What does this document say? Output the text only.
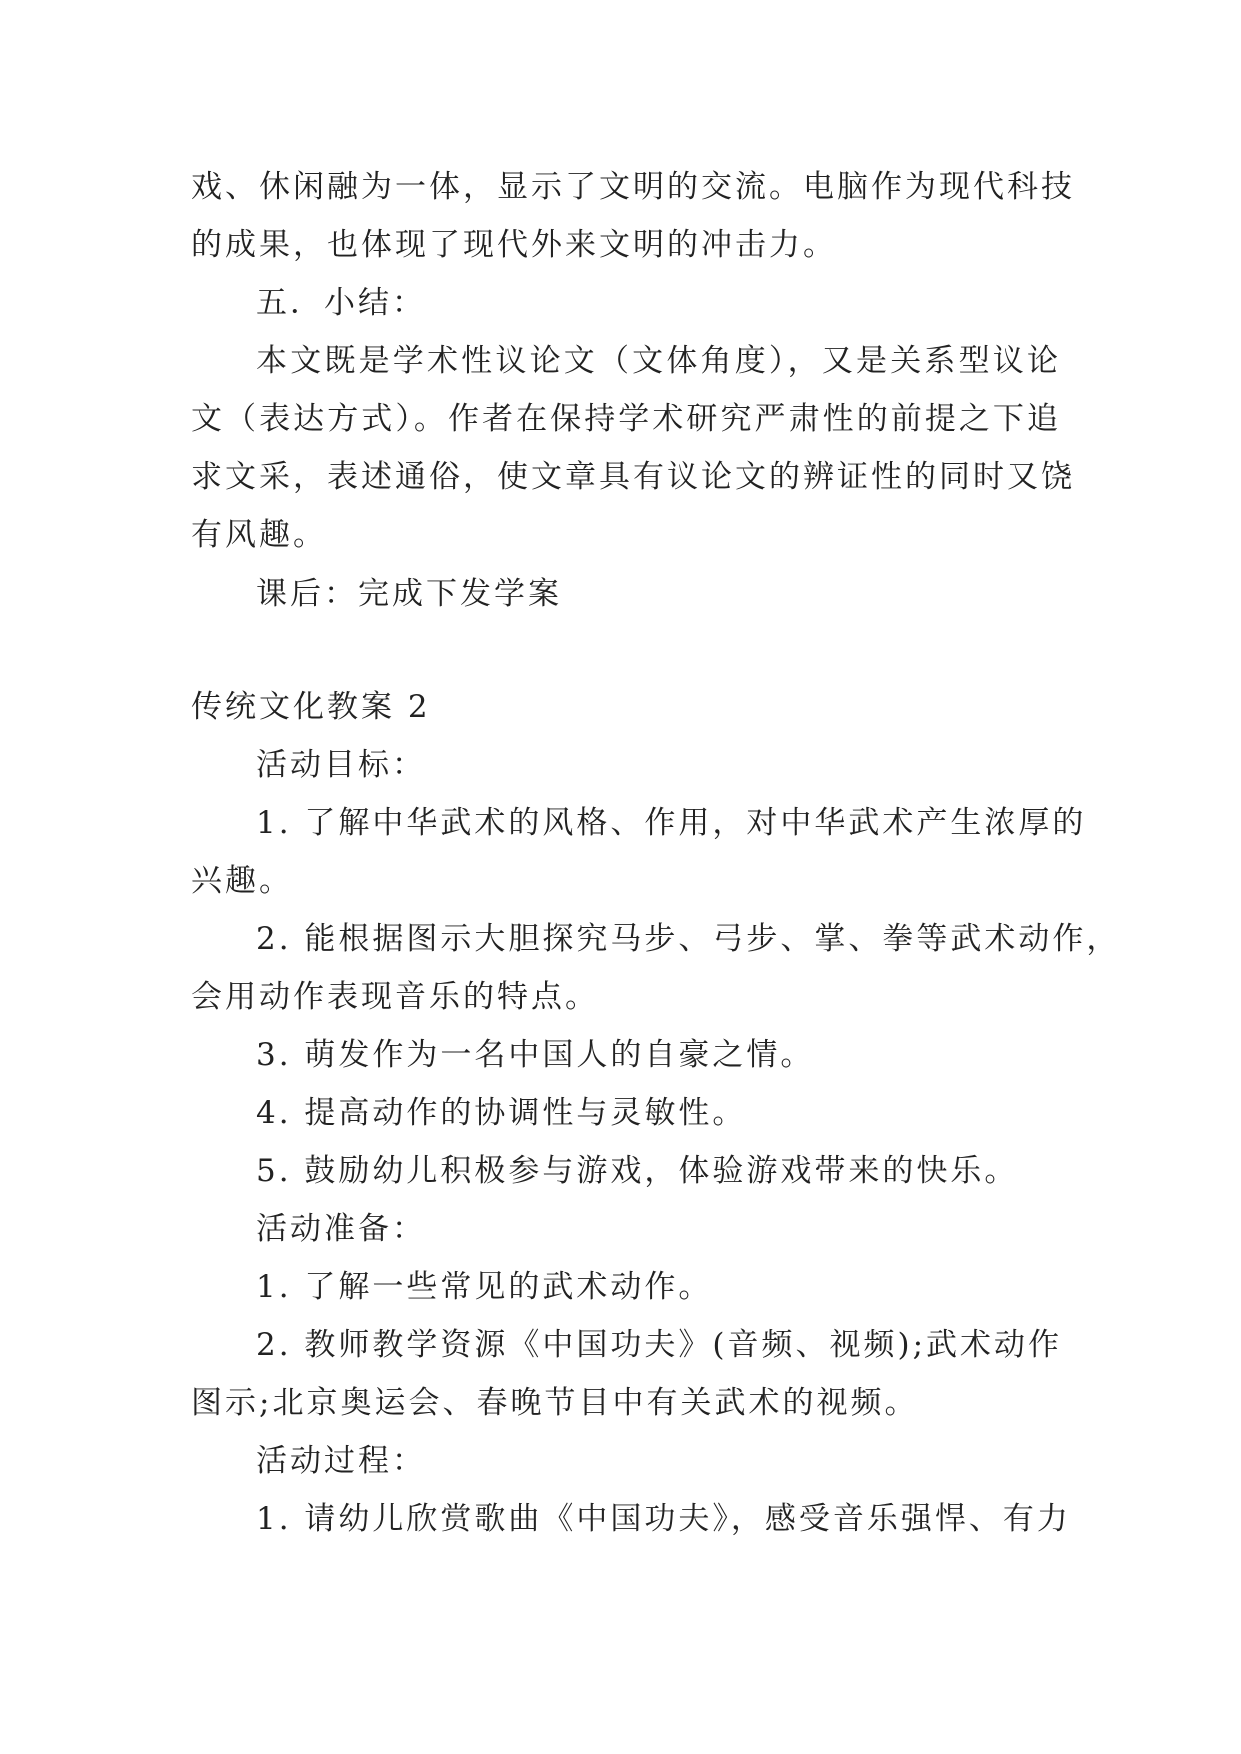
戏、休闲融为一体，显示了文明的交流。电脑作为现代科技
的成果，也体现了现代外来文明的冲击力。
五．小结：
本文既是学术性议论文（文体角度），又是关系型议论
文（表达方式）。作者在保持学术研究严肃性的前提之下追
求文采，表述通俗，使文章具有议论文的辨证性的同时又饶
有风趣。
课后：完成下发学案
传统文化教案 2
活动目标：
1. 了解中华武术的风格、作用，对中华武术产生浓厚的
兴趣。
2. 能根据图示大胆探究马步、弓步、掌、拳等武术动作，
会用动作表现音乐的特点。
3. 萌发作为一名中国人的自豪之情。
4. 提高动作的协调性与灵敏性。
5. 鼓励幼儿积极参与游戏，体验游戏带来的快乐。
活动准备：
1. 了解一些常见的武术动作。
2. 教师教学资源《中国功夫》(音频、视频);武术动作
图示;北京奥运会、春晚节目中有关武术的视频。
活动过程：
1. 请幼儿欣赏歌曲《中国功夫》，感受音乐强悍、有力
